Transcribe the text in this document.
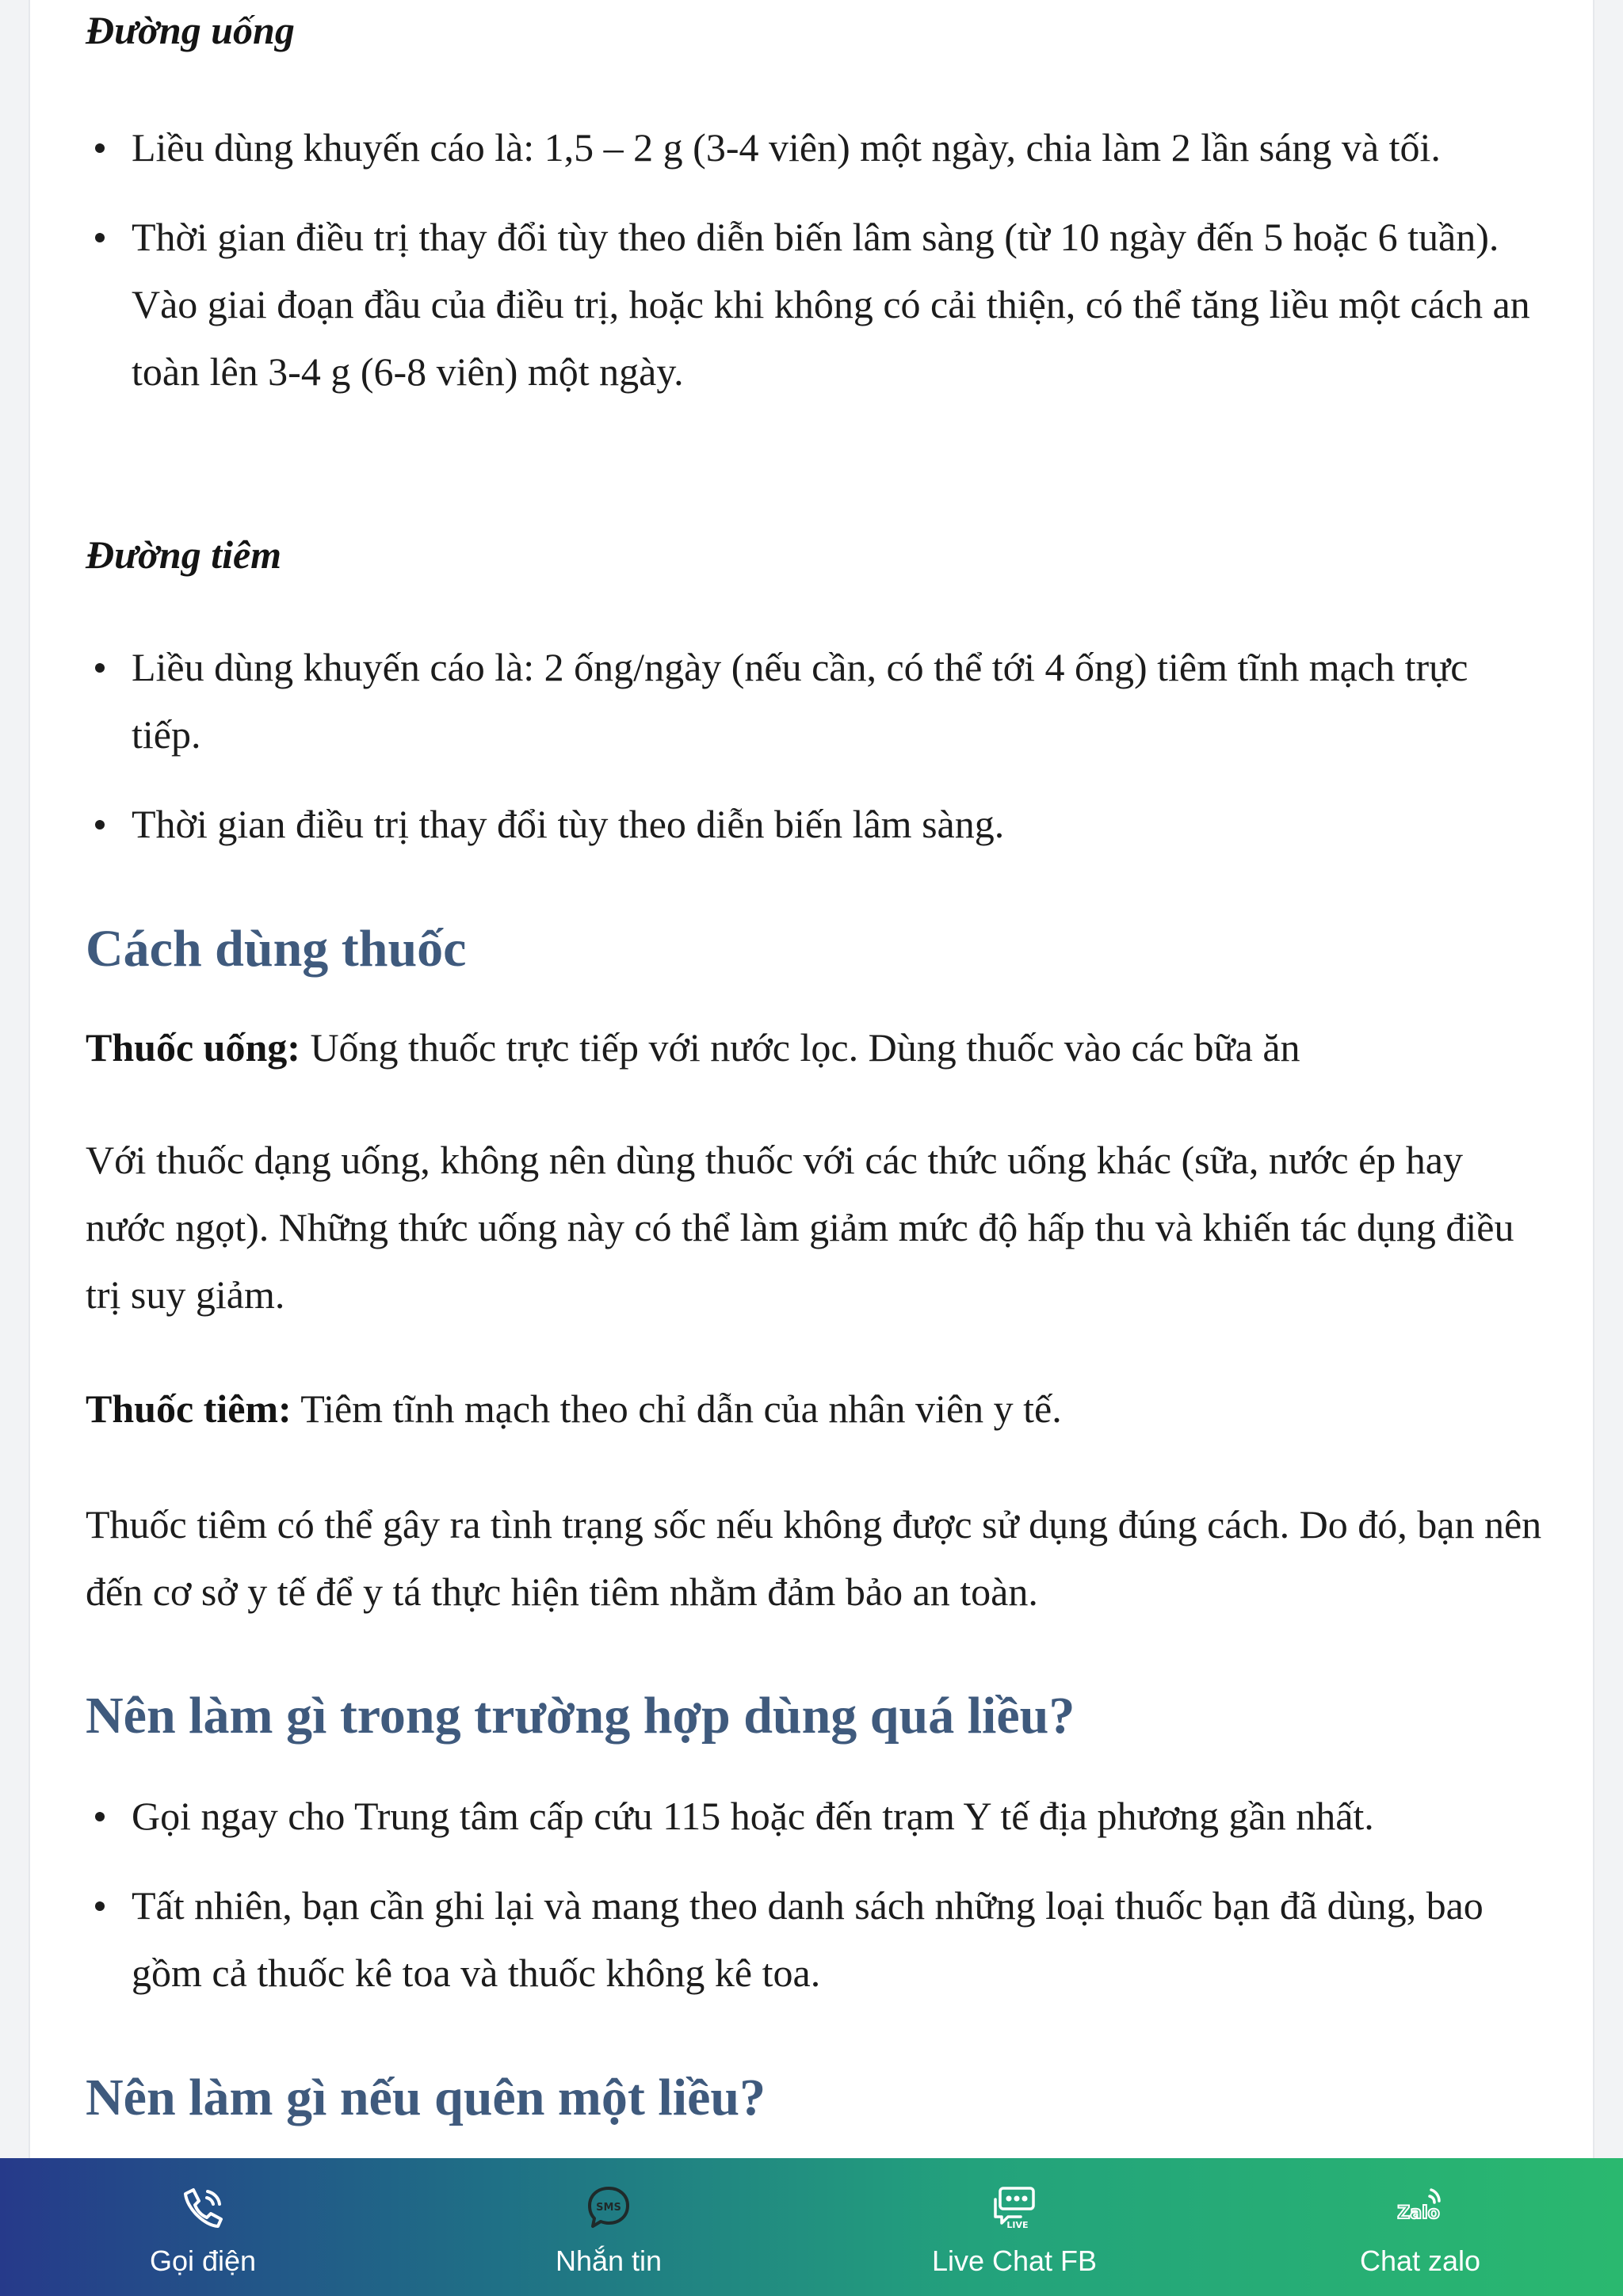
Đường uống
Liều dùng khuyến cáo là: 1,5 – 2 g (3-4 viên) một ngày, chia làm 2 lần sáng và tối.
Thời gian điều trị thay đổi tùy theo diễn biến lâm sàng (từ 10 ngày đến 5 hoặc 6 tuần). Vào giai đoạn đầu của điều trị, hoặc khi không có cải thiện, có thể tăng liều một cách an toàn lên 3-4 g (6-8 viên) một ngày.
Đường tiêm
Liều dùng khuyến cáo là: 2 ống/ngày (nếu cần, có thể tới 4 ống) tiêm tĩnh mạch trực tiếp.
Thời gian điều trị thay đổi tùy theo diễn biến lâm sàng.
Cách dùng thuốc
Thuốc uống: Uống thuốc trực tiếp với nước lọc. Dùng thuốc vào các bữa ăn
Với thuốc dạng uống, không nên dùng thuốc với các thức uống khác (sữa, nước ép hay nước ngọt). Những thức uống này có thể làm giảm mức độ hấp thu và khiến tác dụng điều trị suy giảm.
Thuốc tiêm: Tiêm tĩnh mạch theo chỉ dẫn của nhân viên y tế.
Thuốc tiêm có thể gây ra tình trạng sốc nếu không được sử dụng đúng cách. Do đó, bạn nên đến cơ sở y tế để y tá thực hiện tiêm nhằm đảm bảo an toàn.
Nên làm gì trong trường hợp dùng quá liều?
Gọi ngay cho Trung tâm cấp cứu 115 hoặc đến trạm Y tế địa phương gần nhất.
Tất nhiên, bạn cần ghi lại và mang theo danh sách những loại thuốc bạn đã dùng, bao gồm cả thuốc kê toa và thuốc không kê toa.
Nên làm gì nếu quên một liều?
Gọi điện
SMS
Nhắn tin
LIVE
Live Chat FB
Zalo
Chat zalo
